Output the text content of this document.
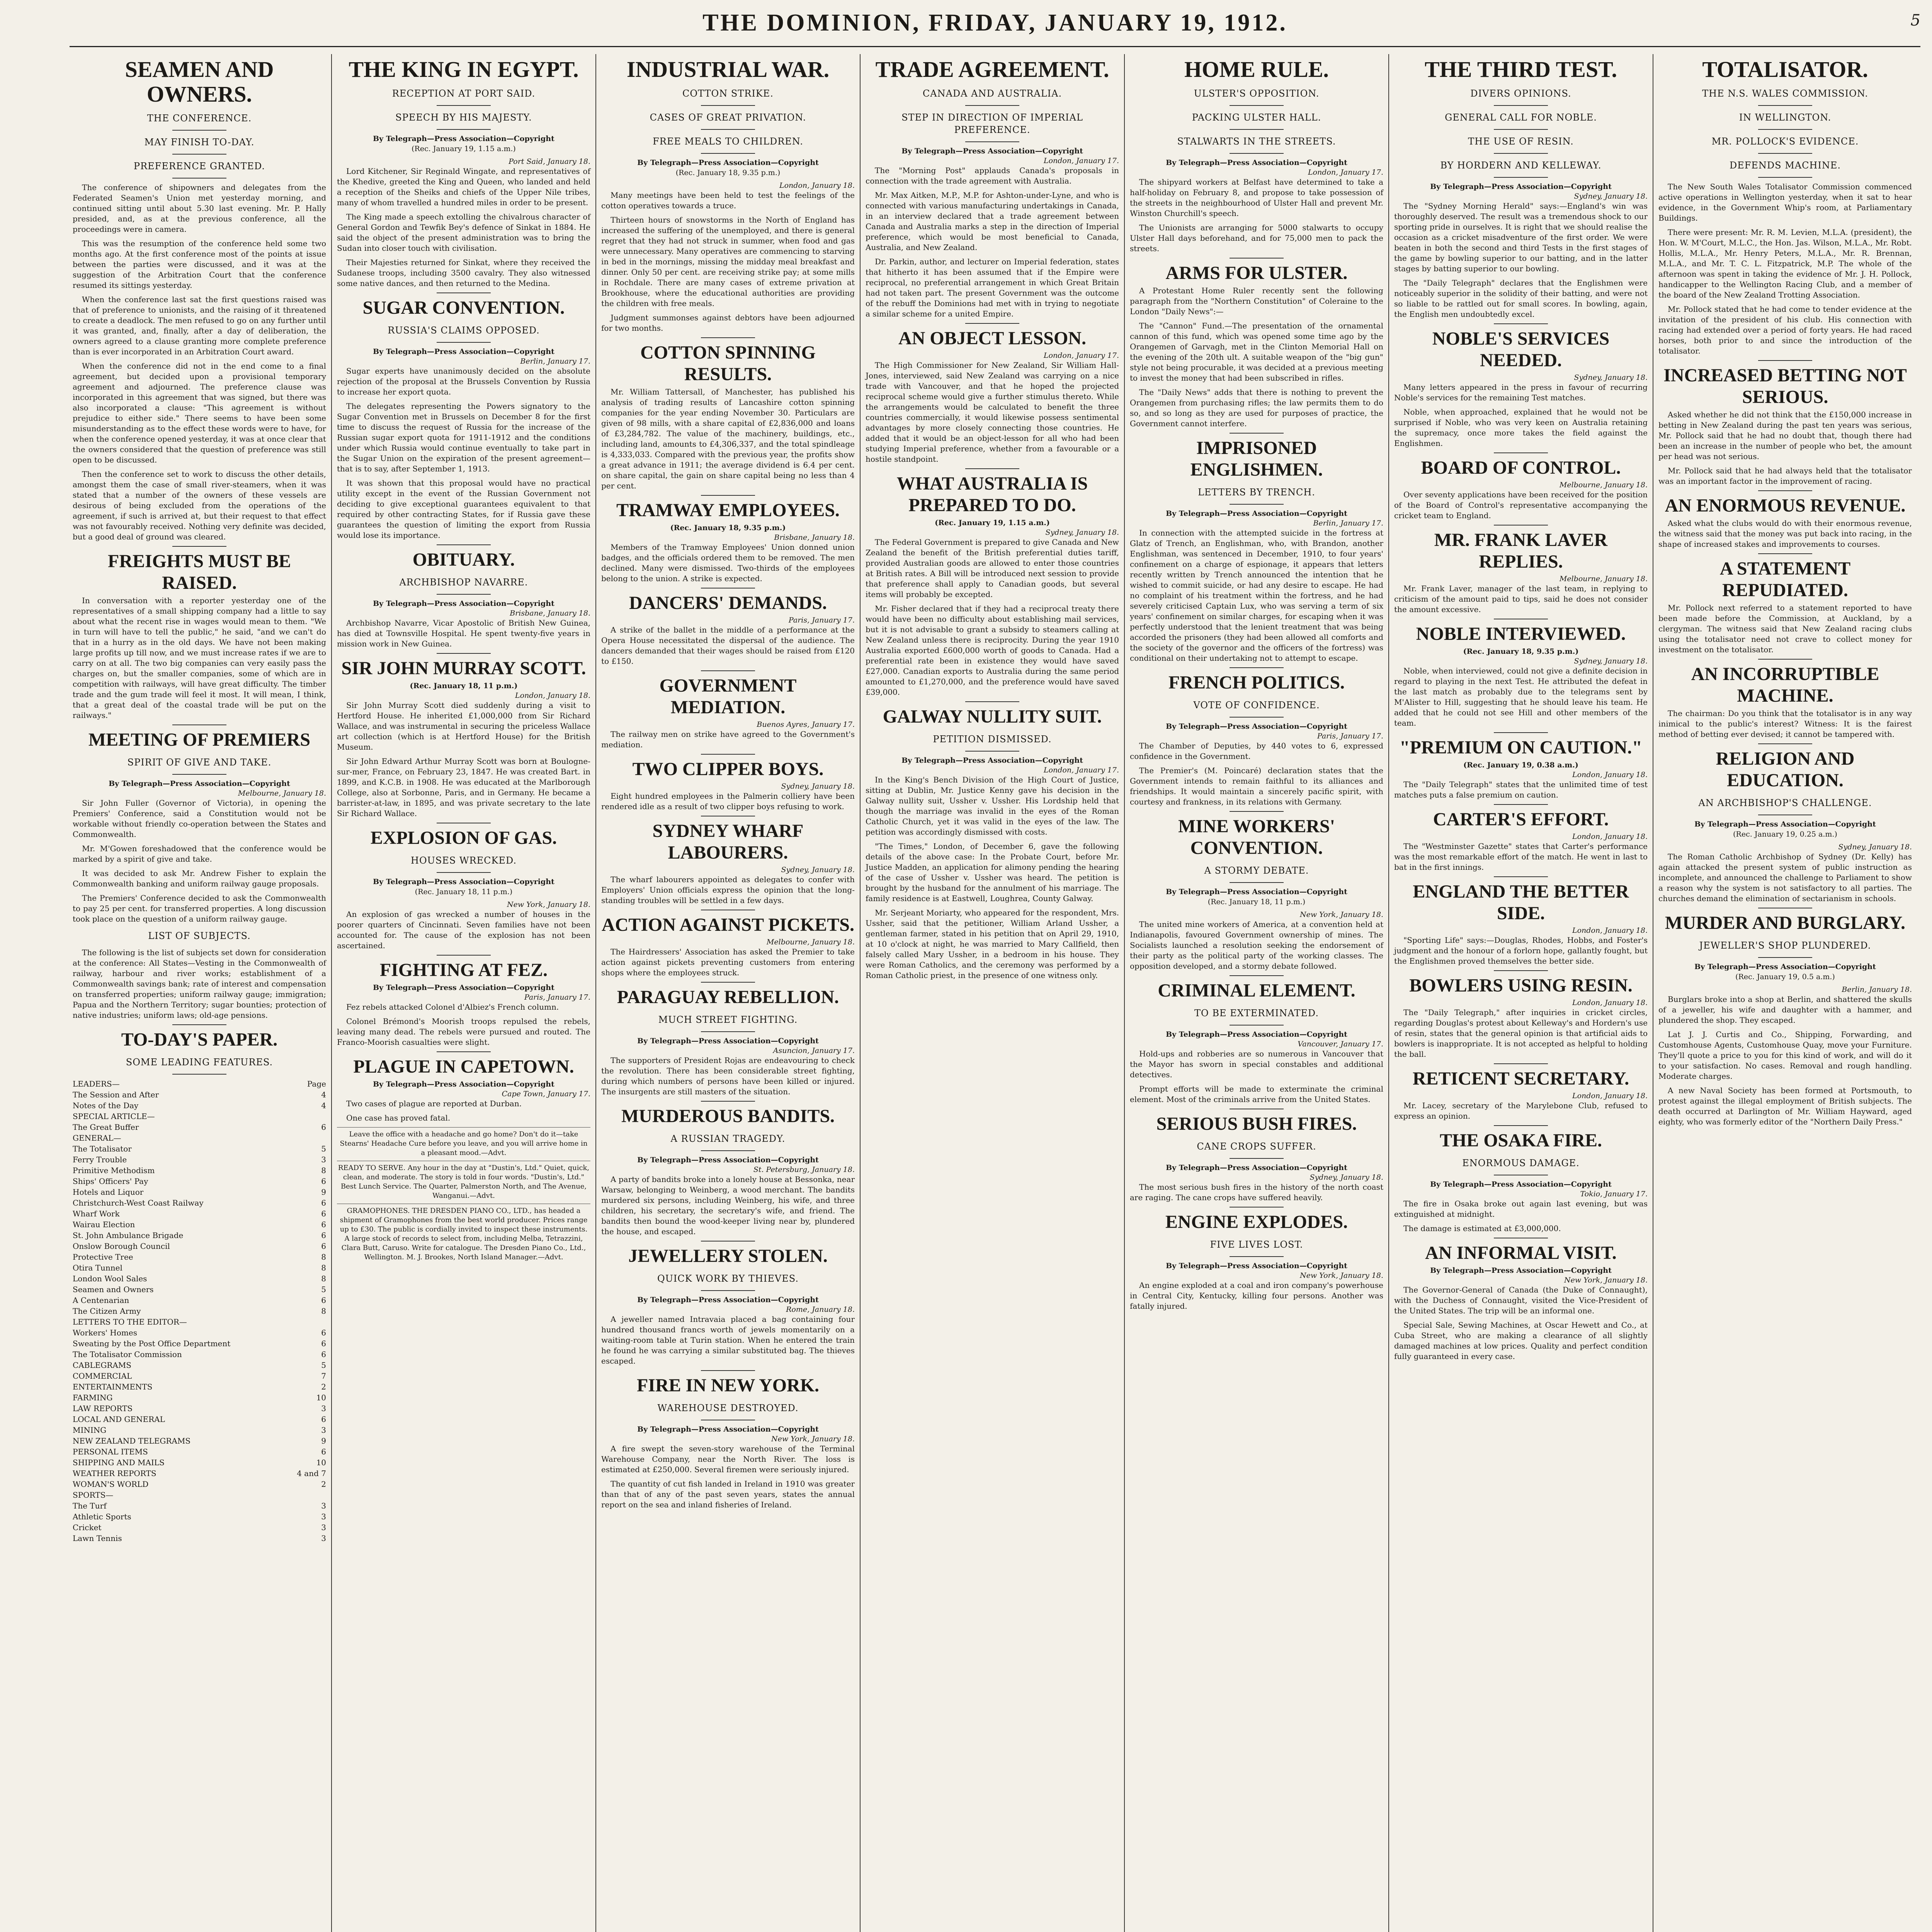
THE DOMINION, FRIDAY, JANUARY 19, 1912.	5
SEAMEN AND OWNERS.
THE CONFERENCE.
MAY FINISH TO-DAY.
PREFERENCE GRANTED.

The conference of shipowners and delegates from the Federated Seamen's Union met yesterday morning, and continued sitting until about 5.30 last evening. Mr. P. Hally presided, and, as at the previous conference, all the proceedings were in camera.

This was the resumption of the conference held some two months ago. At the first conference most of the points at issue between the parties were discussed, and it was at the suggestion of the Arbitration Court that the conference resumed its sittings yesterday.

When the conference last sat the first questions raised was that of preference to unionists, and the raising of it threatened to create a deadlock. The men refused to go on any further until it was granted, and, finally, after a day of deliberation, the owners agreed to a clause granting more complete preference than is ever incorporated in an Arbitration Court award.

When the conference did not in the end come to a final agreement, but decided upon a provisional temporary agreement and adjourned. The preference clause was incorporated in this agreement that was signed, but there was also incorporated a clause: "This agreement is without prejudice to either side." There seems to have been some misunderstanding as to the effect these words were to have, for when the conference opened yesterday, it was at once clear that the owners considered that the question of preference was still open to be discussed.

Then the conference set to work to discuss the other details, amongst them the case of small river-steamers, when it was stated that a number of the owners of these vessels are desirous of being excluded from the operations of the agreement, if such is arrived at, but their request to that effect was not favourably received. Nothing very definite was decided, but a good deal of ground was cleared.

FREIGHTS MUST BE RAISED.

In conversation with a reporter yesterday one of the representatives of a small shipping company had a little to say about what the recent rise in wages would mean to them. "We in turn will have to tell the public," he said, "and we can't do that in a hurry as in the old days. We have not been making large profits up till now, and we must increase rates if we are to carry on at all. The two big companies can very easily pass the charges on, but the smaller companies, some of which are in competition with railways, will have great difficulty. The timber trade and the gum trade will feel it most. It will mean, I think, that a great deal of the coastal trade will be put on the railways."

MEETING OF PREMIERS
SPIRIT OF GIVE AND TAKE.
By Telegraph—Press Association—Copyright
Melbourne, January 18.

Sir John Fuller (Governor of Victoria), in opening the Premiers' Conference, said a Constitution would not be workable without friendly co-operation between the States and Commonwealth.

Mr. M'Gowen foreshadowed that the conference would be marked by a spirit of give and take.

It was decided to ask Mr. Andrew Fisher to explain the Commonwealth banking and uniform railway gauge proposals.

The Premiers' Conference decided to ask the Commonwealth to pay 25 per cent. for transferred properties. A long discussion took place on the question of a uniform railway gauge.

LIST OF SUBJECTS.

The following is the list of subjects set down for consideration at the conference: All States—Vesting in the Commonwealth of railway, harbour and river works; establishment of a Commonwealth savings bank; rate of interest and compensation on transferred properties; uniform railway gauge; immigration; Papua and the Northern Territory; sugar bounties; protection of native industries; uniform laws; old-age pensions.

TO-DAY'S PAPER.
SOME LEADING FEATURES.
LEADERS—	Page
The Session and After	4
Notes of the Day	4
SPECIAL ARTICLE—
The Great Buffer	6
GENERAL—
The Totalisator	5
Ferry Trouble	3
Primitive Methodism	8
Ships' Officers' Pay	6
Hotels and Liquor	9
Christchurch-West Coast Railway	6
Wharf Work	6
Wairau Election	6
St. John Ambulance Brigade	6
Onslow Borough Council	6
Protective Tree	8
Otira Tunnel	8
London Wool Sales	8
Seamen and Owners	5
A Centenarian	6
The Citizen Army	8
LETTERS TO THE EDITOR—
Workers' Homes	6
Sweating by the Post Office Department	6
The Totalisator Commission	6
CABLEGRAMS	5
COMMERCIAL	7
ENTERTAINMENTS	2
FARMING	10
LAW REPORTS	3
LOCAL AND GENERAL	6
MINING	3
NEW ZEALAND TELEGRAMS	9
PERSONAL ITEMS	6
SHIPPING AND MAILS	10
WEATHER REPORTS	4 and 7
WOMAN'S WORLD	2
SPORTS—
The Turf	3
Athletic Sports	3
Cricket	3
Lawn Tennis	3
THE KING IN EGYPT.
RECEPTION AT PORT SAID.
SPEECH BY HIS MAJESTY.
By Telegraph—Press Association—Copyright
(Rec. January 19, 1.15 a.m.)
Port Said, January 18.

Lord Kitchener, Sir Reginald Wingate, and representatives of the Khedive, greeted the King and Queen, who landed and held a reception of the Sheiks and chiefs of the Upper Nile tribes, many of whom travelled a hundred miles in order to be present.

The King made a speech extolling the chivalrous character of General Gordon and Tewfik Bey's defence of Sinkat in 1884. He said the object of the present administration was to bring the Sudan into closer touch with civilisation.

Their Majesties returned for Sinkat, where they received the Sudanese troops, including 3500 cavalry. They also witnessed some native dances, and then returned to the Medina.

SUGAR CONVENTION.
RUSSIA'S CLAIMS OPPOSED.
By Telegraph—Press Association—Copyright
Berlin, January 17.

Sugar experts have unanimously decided on the absolute rejection of the proposal at the Brussels Convention by Russia to increase her export quota.

The delegates representing the Powers signatory to the Sugar Convention met in Brussels on December 8 for the first time to discuss the request of Russia for the increase of the Russian sugar export quota for 1911-1912 and the conditions under which Russia would continue eventually to take part in the Sugar Union on the expiration of the present agreement—that is to say, after September 1, 1913.

It was shown that this proposal would have no practical utility except in the event of the Russian Government not deciding to give exceptional guarantees equivalent to that required by other contracting States, for if Russia gave these guarantees the question of limiting the export from Russia would lose its importance.

OBITUARY.
ARCHBISHOP NAVARRE.
By Telegraph—Press Association—Copyright
Brisbane, January 18.

Archbishop Navarre, Vicar Apostolic of British New Guinea, has died at Townsville Hospital. He spent twenty-five years in mission work in New Guinea.

SIR JOHN MURRAY SCOTT.
(Rec. January 18, 11 p.m.)
London, January 18.

Sir John Murray Scott died suddenly during a visit to Hertford House. He inherited £1,000,000 from Sir Richard Wallace, and was instrumental in securing the priceless Wallace art collection (which is at Hertford House) for the British Museum.

Sir John Edward Arthur Murray Scott was born at Boulogne-sur-mer, France, on February 23, 1847. He was created Bart. in 1899, and K.C.B. in 1908. He was educated at the Marlborough College, also at Sorbonne, Paris, and in Germany. He became a barrister-at-law, in 1895, and was private secretary to the late Sir Richard Wallace.

EXPLOSION OF GAS.
HOUSES WRECKED.
By Telegraph—Press Association—Copyright
(Rec. January 18, 11 p.m.)
New York, January 18.

An explosion of gas wrecked a number of houses in the poorer quarters of Cincinnati. Seven families have not been accounted for. The cause of the explosion has not been ascertained.

FIGHTING AT FEZ.
By Telegraph—Press Association—Copyright
Paris, January 17.

Fez rebels attacked Colonel d'Albiez's French column.

Colonel Brémond's Moorish troops repulsed the rebels, leaving many dead. The rebels were pursued and routed. The Franco-Moorish casualties were slight.

PLAGUE IN CAPETOWN.
By Telegraph—Press Association—Copyright
Cape Town, January 17.

Two cases of plague are reported at Durban.

One case has proved fatal.

Leave the office with a headache and go home? Don't do it—take Stearns' Headache Cure before you leave, and you will arrive home in a pleasant mood.—Advt.
READY TO SERVE. Any hour in the day at "Dustin's, Ltd." Quiet, quick, clean, and moderate. The story is told in four words. "Dustin's, Ltd." Best Lunch Service. The Quarter, Palmerston North, and The Avenue, Wanganui.—Advt.
GRAMOPHONES. THE DRESDEN PIANO CO., LTD., has headed a shipment of Gramophones from the best world producer. Prices range up to £30. The public is cordially invited to inspect these instruments. A large stock of records to select from, including Melba, Tetrazzini, Clara Butt, Caruso. Write for catalogue. The Dresden Piano Co., Ltd., Wellington. M. J. Brookes, North Island Manager.—Advt.
INDUSTRIAL WAR.
COTTON STRIKE.
CASES OF GREAT PRIVATION.
FREE MEALS TO CHILDREN.
By Telegraph—Press Association—Copyright
(Rec. January 18, 9.35 p.m.)
London, January 18.

Many meetings have been held to test the feelings of the cotton operatives towards a truce.

Thirteen hours of snowstorms in the North of England has increased the suffering of the unemployed, and there is general regret that they had not struck in summer, when food and gas were unnecessary. Many operatives are commencing to starving in bed in the mornings, missing the midday meal breakfast and dinner. Only 50 per cent. are receiving strike pay; at some mills in Rochdale. There are many cases of extreme privation at Brookhouse, where the educational authorities are providing the children with free meals.

Judgment summonses against debtors have been adjourned for two months.

COTTON SPINNING RESULTS.

Mr. William Tattersall, of Manchester, has published his analysis of trading results of Lancashire cotton spinning companies for the year ending November 30. Particulars are given of 98 mills, with a share capital of £2,836,000 and loans of £3,284,782. The value of the machinery, buildings, etc., including land, amounts to £4,306,337, and the total spindleage is 4,333,033. Compared with the previous year, the profits show a great advance in 1911; the average dividend is 6.4 per cent. on share capital, the gain on share capital being no less than 4 per cent.

TRAMWAY EMPLOYEES.
(Rec. January 18, 9.35 p.m.)
Brisbane, January 18.

Members of the Tramway Employees' Union donned union badges, and the officials ordered them to be removed. The men declined. Many were dismissed. Two-thirds of the employees belong to the union. A strike is expected.

DANCERS' DEMANDS.
Paris, January 17.

A strike of the ballet in the middle of a performance at the Opera House necessitated the dispersal of the audience. The dancers demanded that their wages should be raised from £120 to £150.

GOVERNMENT MEDIATION.
Buenos Ayres, January 17.

The railway men on strike have agreed to the Government's mediation.

TWO CLIPPER BOYS.
Sydney, January 18.

Eight hundred employees in the Palmerin colliery have been rendered idle as a result of two clipper boys refusing to work.

SYDNEY WHARF LABOURERS.
Sydney, January 18.

The wharf labourers appointed as delegates to confer with Employers' Union officials express the opinion that the long-standing troubles will be settled in a few days.

ACTION AGAINST PICKETS.
Melbourne, January 18.

The Hairdressers' Association has asked the Premier to take action against pickets preventing customers from entering shops where the employees struck.

PARAGUAY REBELLION.
MUCH STREET FIGHTING.
By Telegraph—Press Association—Copyright
Asuncion, January 17.

The supporters of President Rojas are endeavouring to check the revolution. There has been considerable street fighting, during which numbers of persons have been killed or injured. The insurgents are still masters of the situation.

MURDEROUS BANDITS.
A RUSSIAN TRAGEDY.
By Telegraph—Press Association—Copyright
St. Petersburg, January 18.

A party of bandits broke into a lonely house at Bessonka, near Warsaw, belonging to Weinberg, a wood merchant. The bandits murdered six persons, including Weinberg, his wife, and three children, his secretary, the secretary's wife, and friend. The bandits then bound the wood-keeper living near by, plundered the house, and escaped.

JEWELLERY STOLEN.
QUICK WORK BY THIEVES.
By Telegraph—Press Association—Copyright
Rome, January 18.

A jeweller named Intravaia placed a bag containing four hundred thousand francs worth of jewels momentarily on a waiting-room table at Turin station. When he entered the train he found he was carrying a similar substituted bag. The thieves escaped.

FIRE IN NEW YORK.
WAREHOUSE DESTROYED.
By Telegraph—Press Association—Copyright
New York, January 18.

A fire swept the seven-story warehouse of the Terminal Warehouse Company, near the North River. The loss is estimated at £250,000. Several firemen were seriously injured.

The quantity of cut fish landed in Ireland in 1910 was greater than that of any of the past seven years, states the annual report on the sea and inland fisheries of Ireland.

TRADE AGREEMENT.
CANADA AND AUSTRALIA.
STEP IN DIRECTION OF IMPERIAL PREFERENCE.
By Telegraph—Press Association—Copyright
London, January 17.

The "Morning Post" applauds Canada's proposals in connection with the trade agreement with Australia.

Mr. Max Aitken, M.P., M.P. for Ashton-under-Lyne, and who is connected with various manufacturing undertakings in Canada, in an interview declared that a trade agreement between Canada and Australia marks a step in the direction of Imperial preference, which would be most beneficial to Canada, Australia, and New Zealand.

Dr. Parkin, author, and lecturer on Imperial federation, states that hitherto it has been assumed that if the Empire were reciprocal, no preferential arrangement in which Great Britain had not taken part. The present Government was the outcome of the rebuff the Dominions had met with in trying to negotiate a similar scheme for a united Empire.

AN OBJECT LESSON.
London, January 17.

The High Commissioner for New Zealand, Sir William Hall-Jones, interviewed, said New Zealand was carrying on a nice trade with Vancouver, and that he hoped the projected reciprocal scheme would give a further stimulus thereto. While the arrangements would be calculated to benefit the three countries commercially, it would likewise possess sentimental advantages by more closely connecting those countries. He added that it would be an object-lesson for all who had been studying Imperial preference, whether from a favourable or a hostile standpoint.

WHAT AUSTRALIA IS PREPARED TO DO.
(Rec. January 19, 1.15 a.m.)
Sydney, January 18.

The Federal Government is prepared to give Canada and New Zealand the benefit of the British preferential duties tariff, provided Australian goods are allowed to enter those countries at British rates. A Bill will be introduced next session to provide that preference shall apply to Canadian goods, but several items will probably be excepted.

Mr. Fisher declared that if they had a reciprocal treaty there would have been no difficulty about establishing mail services, but it is not advisable to grant a subsidy to steamers calling at New Zealand unless there is reciprocity. During the year 1910 Australia exported £600,000 worth of goods to Canada. Had a preferential rate been in existence they would have saved £27,000. Canadian exports to Australia during the same period amounted to £1,270,000, and the preference would have saved £39,000.

GALWAY NULLITY SUIT.
PETITION DISMISSED.
By Telegraph—Press Association—Copyright
London, January 17.

In the King's Bench Division of the High Court of Justice, sitting at Dublin, Mr. Justice Kenny gave his decision in the Galway nullity suit, Ussher v. Ussher. His Lordship held that though the marriage was invalid in the eyes of the Roman Catholic Church, yet it was valid in the eyes of the law. The petition was accordingly dismissed with costs.

"The Times," London, of December 6, gave the following details of the above case: In the Probate Court, before Mr. Justice Madden, an application for alimony pending the hearing of the case of Ussher v. Ussher was heard. The petition is brought by the husband for the annulment of his marriage. The family residence is at Eastwell, Loughrea, County Galway.

Mr. Serjeant Moriarty, who appeared for the respondent, Mrs. Ussher, said that the petitioner, William Arland Ussher, a gentleman farmer, stated in his petition that on April 29, 1910, at 10 o'clock at night, he was married to Mary Callfield, then falsely called Mary Ussher, in a bedroom in his house. They were Roman Catholics, and the ceremony was performed by a Roman Catholic priest, in the presence of one witness only.

HOME RULE.
ULSTER'S OPPOSITION.
PACKING ULSTER HALL.
STALWARTS IN THE STREETS.
By Telegraph—Press Association—Copyright
London, January 17.

The shipyard workers at Belfast have determined to take a half-holiday on February 8, and propose to take possession of the streets in the neighbourhood of Ulster Hall and prevent Mr. Winston Churchill's speech.

The Unionists are arranging for 5000 stalwarts to occupy Ulster Hall days beforehand, and for 75,000 men to pack the streets.

ARMS FOR ULSTER.

A Protestant Home Ruler recently sent the following paragraph from the "Northern Constitution" of Coleraine to the London "Daily News":—

The "Cannon" Fund.—The presentation of the ornamental cannon of this fund, which was opened some time ago by the Orangemen of Garvagh, met in the Clinton Memorial Hall on the evening of the 20th ult. A suitable weapon of the "big gun" style not being procurable, it was decided at a previous meeting to invest the money that had been subscribed in rifles.

The "Daily News" adds that there is nothing to prevent the Orangemen from purchasing rifles; the law permits them to do so, and so long as they are used for purposes of practice, the Government cannot interfere.

IMPRISONED ENGLISHMEN.
LETTERS BY TRENCH.
By Telegraph—Press Association—Copyright
Berlin, January 17.

In connection with the attempted suicide in the fortress at Glatz of Trench, an Englishman, who, with Brandon, another Englishman, was sentenced in December, 1910, to four years' confinement on a charge of espionage, it appears that letters recently written by Trench announced the intention that he wished to commit suicide, or had any desire to escape. He had no complaint of his treatment within the fortress, and he had severely criticised Captain Lux, who was serving a term of six years' confinement on similar charges, for escaping when it was perfectly understood that the lenient treatment that was being accorded the prisoners (they had been allowed all comforts and the society of the governor and the officers of the fortress) was conditional on their undertaking not to attempt to escape.

FRENCH POLITICS.
VOTE OF CONFIDENCE.
By Telegraph—Press Association—Copyright
Paris, January 17.

The Chamber of Deputies, by 440 votes to 6, expressed confidence in the Government.

The Premier's (M. Poincaré) declaration states that the Government intends to remain faithful to its alliances and friendships. It would maintain a sincerely pacific spirit, with courtesy and frankness, in its relations with Germany.

MINE WORKERS' CONVENTION.
A STORMY DEBATE.
By Telegraph—Press Association—Copyright
(Rec. January 18, 11 p.m.)
New York, January 18.

The united mine workers of America, at a convention held at Indianapolis, favoured Government ownership of mines. The Socialists launched a resolution seeking the endorsement of their party as the political party of the working classes. The opposition developed, and a stormy debate followed.

CRIMINAL ELEMENT.
TO BE EXTERMINATED.
By Telegraph—Press Association—Copyright
Vancouver, January 17.

Hold-ups and robberies are so numerous in Vancouver that the Mayor has sworn in special constables and additional detectives.

Prompt efforts will be made to exterminate the criminal element. Most of the criminals arrive from the United States.

SERIOUS BUSH FIRES.
CANE CROPS SUFFER.
By Telegraph—Press Association—Copyright
Sydney, January 18.

The most serious bush fires in the history of the north coast are raging. The cane crops have suffered heavily.

ENGINE EXPLODES.
FIVE LIVES LOST.
By Telegraph—Press Association—Copyright
New York, January 18.

An engine exploded at a coal and iron company's powerhouse in Central City, Kentucky, killing four persons. Another was fatally injured.

THE THIRD TEST.
DIVERS OPINIONS.
GENERAL CALL FOR NOBLE.
THE USE OF RESIN.
BY HORDERN AND KELLEWAY.
By Telegraph—Press Association—Copyright
Sydney, January 18.

The "Sydney Morning Herald" says:—England's win was thoroughly deserved. The result was a tremendous shock to our sporting pride in ourselves. It is right that we should realise the occasion as a cricket misadventure of the first order. We were beaten in both the second and third Tests in the first stages of the game by bowling superior to our batting, and in the latter stages by batting superior to our bowling.

The "Daily Telegraph" declares that the Englishmen were noticeably superior in the solidity of their batting, and were not so liable to be rattled out for small scores. In bowling, again, the English men undoubtedly excel.

NOBLE'S SERVICES NEEDED.
Sydney, January 18.

Many letters appeared in the press in favour of recurring Noble's services for the remaining Test matches.

Noble, when approached, explained that he would not be surprised if Noble, who was very keen on Australia retaining the supremacy, once more takes the field against the Englishmen.

BOARD OF CONTROL.
Melbourne, January 18.

Over seventy applications have been received for the position of the Board of Control's representative accompanying the cricket team to England.

MR. FRANK LAVER REPLIES.
Melbourne, January 18.

Mr. Frank Laver, manager of the last team, in replying to criticism of the amount paid to tips, said he does not consider the amount excessive.

NOBLE INTERVIEWED.
(Rec. January 18, 9.35 p.m.)
Sydney, January 18.

Noble, when interviewed, could not give a definite decision in regard to playing in the next Test. He attributed the defeat in the last match as probably due to the telegrams sent by M'Alister to Hill, suggesting that he should leave his team. He added that he could not see Hill and other members of the team.

"PREMIUM ON CAUTION."
(Rec. January 19, 0.38 a.m.)
London, January 18.

The "Daily Telegraph" states that the unlimited time of test matches puts a false premium on caution.

CARTER'S EFFORT.
London, January 18.

The "Westminster Gazette" states that Carter's performance was the most remarkable effort of the match. He went in last to bat in the first innings.

ENGLAND THE BETTER SIDE.
London, January 18.

"Sporting Life" says:—Douglas, Rhodes, Hobbs, and Foster's judgment and the honour of a forlorn hope, gallantly fought, but the Englishmen proved themselves the better side.

BOWLERS USING RESIN.
London, January 18.

The "Daily Telegraph," after inquiries in cricket circles, regarding Douglas's protest about Kelleway's and Hordern's use of resin, states that the general opinion is that artificial aids to bowlers is inappropriate. It is not accepted as helpful to holding the ball.

RETICENT SECRETARY.
London, January 18.

Mr. Lacey, secretary of the Marylebone Club, refused to express an opinion.

THE OSAKA FIRE.
ENORMOUS DAMAGE.
By Telegraph—Press Association—Copyright
Tokio, January 17.

The fire in Osaka broke out again last evening, but was extinguished at midnight.

The damage is estimated at £3,000,000.

AN INFORMAL VISIT.
By Telegraph—Press Association—Copyright
New York, January 18.

The Governor-General of Canada (the Duke of Connaught), with the Duchess of Connaught, visited the Vice-President of the United States. The trip will be an informal one.

Special Sale, Sewing Machines, at Oscar Hewett and Co., at Cuba Street, who are making a clearance of all slightly damaged machines at low prices. Quality and perfect condition fully guaranteed in every case.

TOTALISATOR.
THE N.S. WALES COMMISSION.
IN WELLINGTON.
MR. POLLOCK'S EVIDENCE.
DEFENDS MACHINE.

The New South Wales Totalisator Commission commenced active operations in Wellington yesterday, when it sat to hear evidence, in the Government Whip's room, at Parliamentary Buildings.

There were present: Mr. R. M. Levien, M.L.A. (president), the Hon. W. M'Court, M.L.C., the Hon. Jas. Wilson, M.L.A., Mr. Robt. Hollis, M.L.A., Mr. Henry Peters, M.L.A., Mr. R. Brennan, M.L.A., and Mr. T. C. L. Fitzpatrick, M.P. The whole of the afternoon was spent in taking the evidence of Mr. J. H. Pollock, handicapper to the Wellington Racing Club, and a member of the board of the New Zealand Trotting Association.

Mr. Pollock stated that he had come to tender evidence at the invitation of the president of his club. His connection with racing had extended over a period of forty years. He had raced horses, both prior to and since the introduction of the totalisator.

INCREASED BETTING NOT SERIOUS.

Asked whether he did not think that the £150,000 increase in betting in New Zealand during the past ten years was serious, Mr. Pollock said that he had no doubt that, though there had been an increase in the number of people who bet, the amount per head was not serious.

Mr. Pollock said that he had always held that the totalisator was an important factor in the improvement of racing.

AN ENORMOUS REVENUE.

Asked what the clubs would do with their enormous revenue, the witness said that the money was put back into racing, in the shape of increased stakes and improvements to courses.

A STATEMENT REPUDIATED.

Mr. Pollock next referred to a statement reported to have been made before the Commission, at Auckland, by a clergyman. The witness said that New Zealand racing clubs using the totalisator need not crave to collect money for investment on the totalisator.

AN INCORRUPTIBLE MACHINE.

The chairman: Do you think that the totalisator is in any way inimical to the public's interest? Witness: It is the fairest method of betting ever devised; it cannot be tampered with.

RELIGION AND EDUCATION.
AN ARCHBISHOP'S CHALLENGE.
By Telegraph—Press Association—Copyright
(Rec. January 19, 0.25 a.m.)
Sydney, January 18.

The Roman Catholic Archbishop of Sydney (Dr. Kelly) has again attacked the present system of public instruction as incomplete, and announced the challenge to Parliament to show a reason why the system is not satisfactory to all parties. The churches demand the elimination of sectarianism in schools.

MURDER AND BURGLARY.
JEWELLER'S SHOP PLUNDERED.
By Telegraph—Press Association—Copyright
(Rec. January 19, 0.5 a.m.)
Berlin, January 18.

Burglars broke into a shop at Berlin, and shattered the skulls of a jeweller, his wife and daughter with a hammer, and plundered the shop. They escaped.

Lat J. J. Curtis and Co., Shipping, Forwarding, and Customhouse Agents, Customhouse Quay, move your Furniture. They'll quote a price to you for this kind of work, and will do it to your satisfaction. No cases. Removal and rough handling. Moderate charges.

A new Naval Society has been formed at Portsmouth, to protest against the illegal employment of British subjects. The death occurred at Darlington of Mr. William Hayward, aged eighty, who was formerly editor of the "Northern Daily Press."
